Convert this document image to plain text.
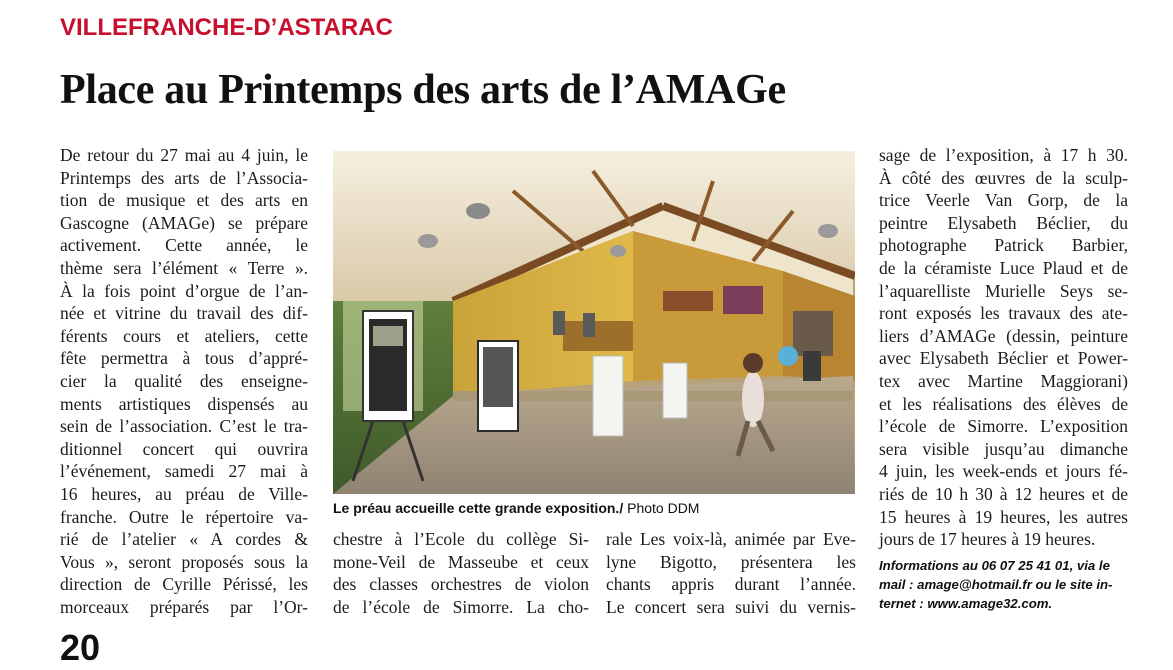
VILLEFRANCHE-D’ASTARAC
Place au Printemps des arts de l’AMAGe
De retour du 27 mai au 4 juin, le
Printemps des arts de l’Associa-
tion de musique et des arts en
Gascogne (AMAGe) se prépare
activement. Cette année, le
thème sera l’élément « Terre ».
À la fois point d’orgue de l’an-
née et vitrine du travail des dif-
férents cours et ateliers, cette
fête permettra à tous d’appré-
cier la qualité des enseigne-
ments artistiques dispensés au
sein de l’association. C’est le tra-
ditionnel concert qui ouvrira
l’événement, samedi 27 mai à
16 heures, au préau de Ville-
franche. Outre le répertoire va-
rié de l’atelier « A cordes &
Vous », seront proposés sous la
direction de Cyrille Périssé, les
morceaux préparés par l’Or-
Le préau accueille cette grande exposition./ Photo DDM
chestre à l’Ecole du collège Si-
mone-Veil de Masseube et ceux
des classes orchestres de violon
de l’école de Simorre. La cho-
rale Les voix-là, animée par Eve-
lyne Bigotto, présentera les
chants appris durant l’année.
Le concert sera suivi du vernis-
sage de l’exposition, à 17 h 30.
À côté des œuvres de la sculp-
trice Veerle Van Gorp, de la
peintre Elysabeth Béclier, du
photographe Patrick Barbier,
de la céramiste Luce Plaud et de
l’aquarelliste Murielle Seys se-
ront exposés les travaux des ate-
liers d’AMAGe (dessin, peinture
avec Elysabeth Béclier et Power-
tex avec Martine Maggiorani)
et les réalisations des élèves de
l’école de Simorre. L’exposition
sera visible jusqu’au dimanche
4 juin, les week-ends et jours fé-
riés de 10 h 30 à 12 heures et de
15 heures à 19 heures, les autres
jours de 17 heures à 19 heures.
Informations au 06 07 25 41 01, via le
mail : amage@hotmail.fr ou le site in-
ternet : www.amage32.com.
20
